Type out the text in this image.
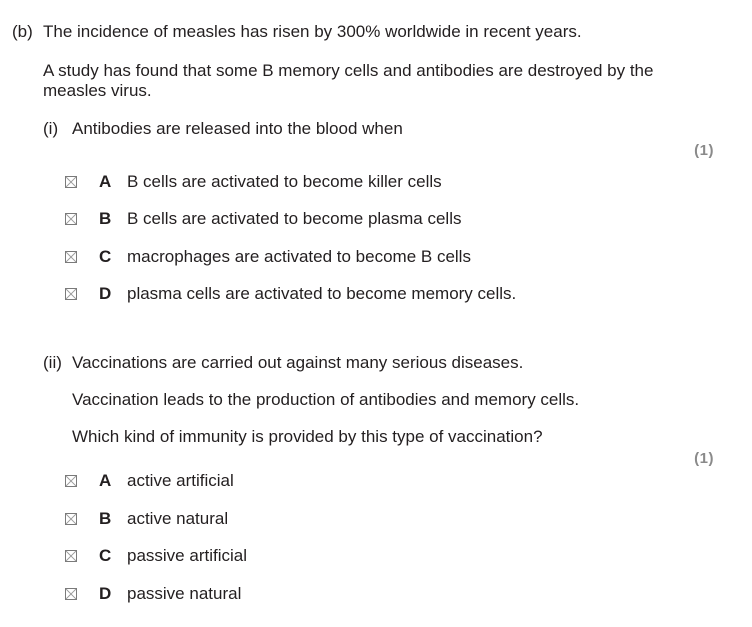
(b) The incidence of measles has risen by 300% worldwide in recent years.
A study has found that some B memory cells and antibodies are destroyed by the
measles virus.
(i) Antibodies are released into the blood when
(1)
A B cells are activated to become killer cells
B B cells are activated to become plasma cells
C macrophages are activated to become B cells
D plasma cells are activated to become memory cells.
(ii) Vaccinations are carried out against many serious diseases.
Vaccination leads to the production of antibodies and memory cells.
Which kind of immunity is provided by this type of vaccination?
(1)
A active artificial
B active natural
C passive artificial
D passive natural
